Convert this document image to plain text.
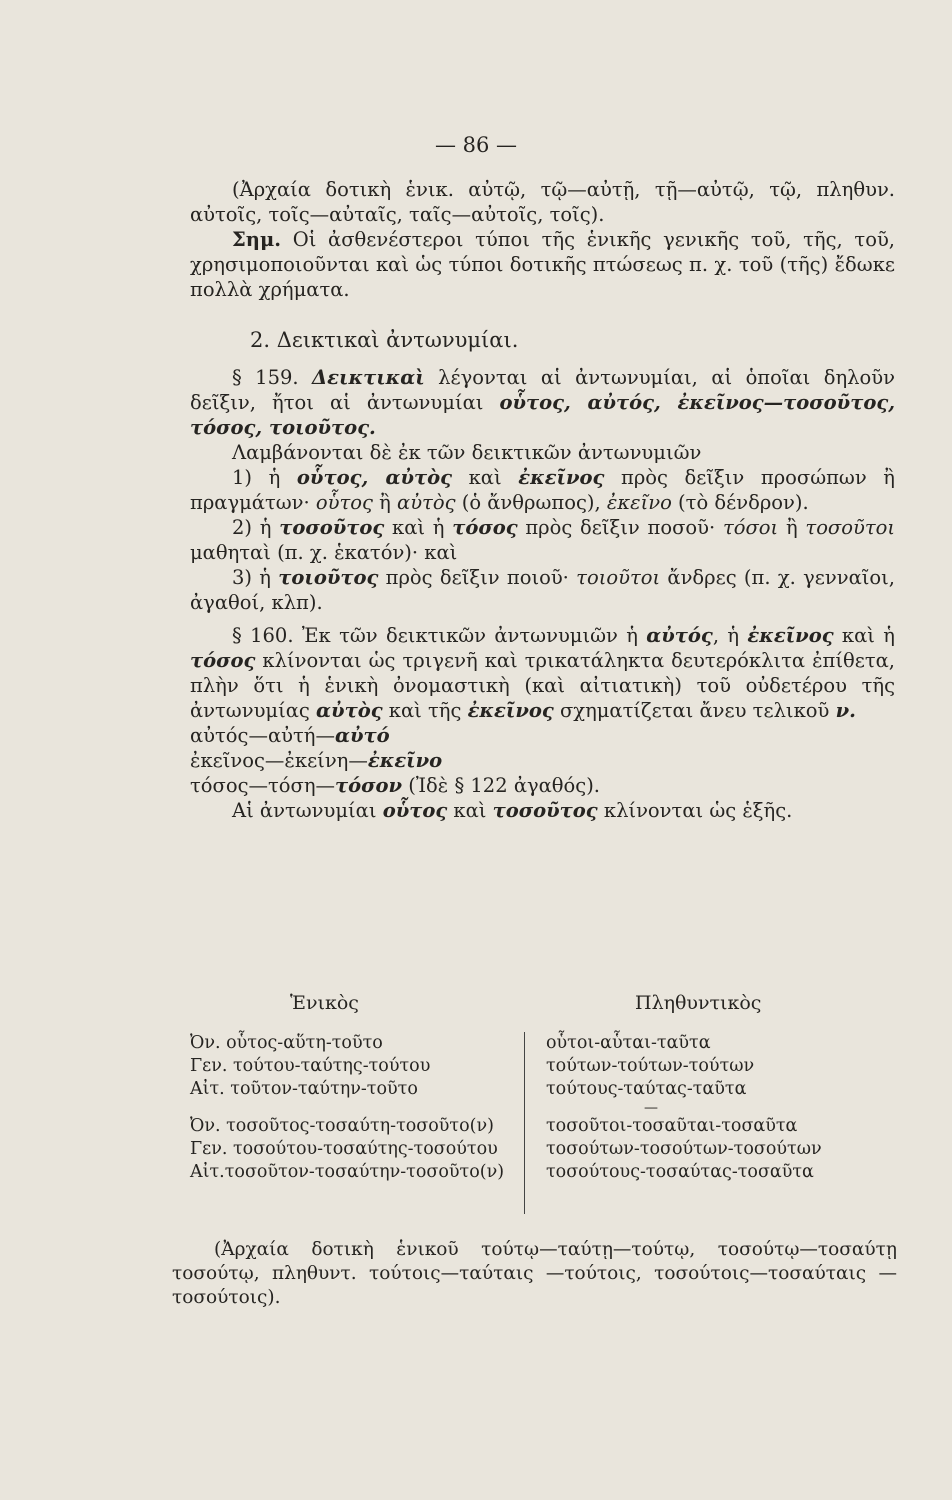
— 86 —

(Ἀρχαία δοτικὴ ἑνικ. αὐτῷ, τῷ—αὐτῇ, τῇ—αὐτῷ, τῷ, πληθυν. αὐτοῖς, τοῖς—αὐταῖς, ταῖς—αὐτοῖς, τοῖς).

Σημ. Οἱ ἀσθενέστεροι τύποι τῆς ἑνικῆς γενικῆς τοῦ, τῆς, τοῦ, χρησιμοποιοῦνται καὶ ὡς τύποι δοτικῆς πτώσεως π. χ. τοῦ (τῆς) ἔδωκε πολλὰ χρήματα.

2. Δεικτικαὶ ἀντωνυμίαι.

§ 159. Δεικτικαὶ λέγονται αἱ ἀντωνυμίαι, αἱ ὁποῖαι δηλοῦν δεῖξιν, ἤτοι αἱ ἀντωνυμίαι οὗτος, αὐτός, ἐκεῖνος—τοσοῦτος, τόσος, τοιοῦτος.

Λαμβάνονται δὲ ἐκ τῶν δεικτικῶν ἀντωνυμιῶν

1) ἡ οὗτος, αὐτὸς καὶ ἐκεῖνος πρὸς δεῖξιν προσώπων ἢ πραγμάτων· οὗτος ἢ αὐτὸς (ὁ ἄνθρωπος), ἐκεῖνο (τὸ δένδρον).

2) ἡ τοσοῦτος καὶ ἡ τόσος πρὸς δεῖξιν ποσοῦ· τόσοι ἢ τοσοῦτοι μαθηταὶ (π. χ. ἑκατόν)· καὶ

3) ἡ τοιοῦτος πρὸς δεῖξιν ποιοῦ· τοιοῦτοι ἄνδρες (π. χ. γενναῖοι, ἀγαθοί, κλπ).

§ 160. Ἐκ τῶν δεικτικῶν ἀντωνυμιῶν ἡ αὐτός, ἡ ἐκεῖνος καὶ ἡ τόσος κλίνονται ὡς τριγενῆ καὶ τρικατάληκτα δευτερόκλιτα ἐπίθετα, πλὴν ὅτι ἡ ἑνικὴ ὀνομαστικὴ (καὶ αἰτιατικὴ) τοῦ οὐδετέρου τῆς ἀντωνυμίας αὐτὸς καὶ τῆς ἐκεῖνος σχηματίζεται ἄνευ τελικοῦ ν.

αὐτός—αὐτή—αὐτό

ἐκεῖνος—ἐκείνη—ἐκεῖνο

τόσος—τόση—τόσον (Ἰδὲ § 122 ἀγαθός).

Αἱ ἀντωνυμίαι οὗτος καὶ τοσοῦτος κλίνονται ὡς ἑξῆς.

Ἑνικὸς	Πληθυντικὸς
Ὀν. οὗτος-αὕτη-τοῦτο
Γεν. τούτου-ταύτης-τούτου
Αἰτ. τοῦτον-ταύτην-τοῦτο
Ὀν. τοσοῦτος-τοσαύτη-τοσοῦτο(ν)
Γεν. τοσούτου-τοσαύτης-τοσούτου
Αἰτ.τοσοῦτον-τοσαύτην-τοσοῦτο(ν)
οὗτοι-αὗται-ταῦτα
τούτων-τούτων-τούτων
τούτους-ταύτας-ταῦτα
—
τοσοῦτοι-τοσαῦται-τοσαῦτα
τοσούτων-τοσούτων-τοσούτων
τοσούτους-τοσαύτας-τοσαῦτα

(Ἀρχαία δοτικὴ ἑνικοῦ τούτῳ—ταύτῃ—τούτῳ, τοσούτῳ—τοσαύτῃ τοσούτῳ, πληθυντ. τούτοις—ταύταις —τούτοις, τοσούτοις—τοσαύταις —τοσούτοις).
